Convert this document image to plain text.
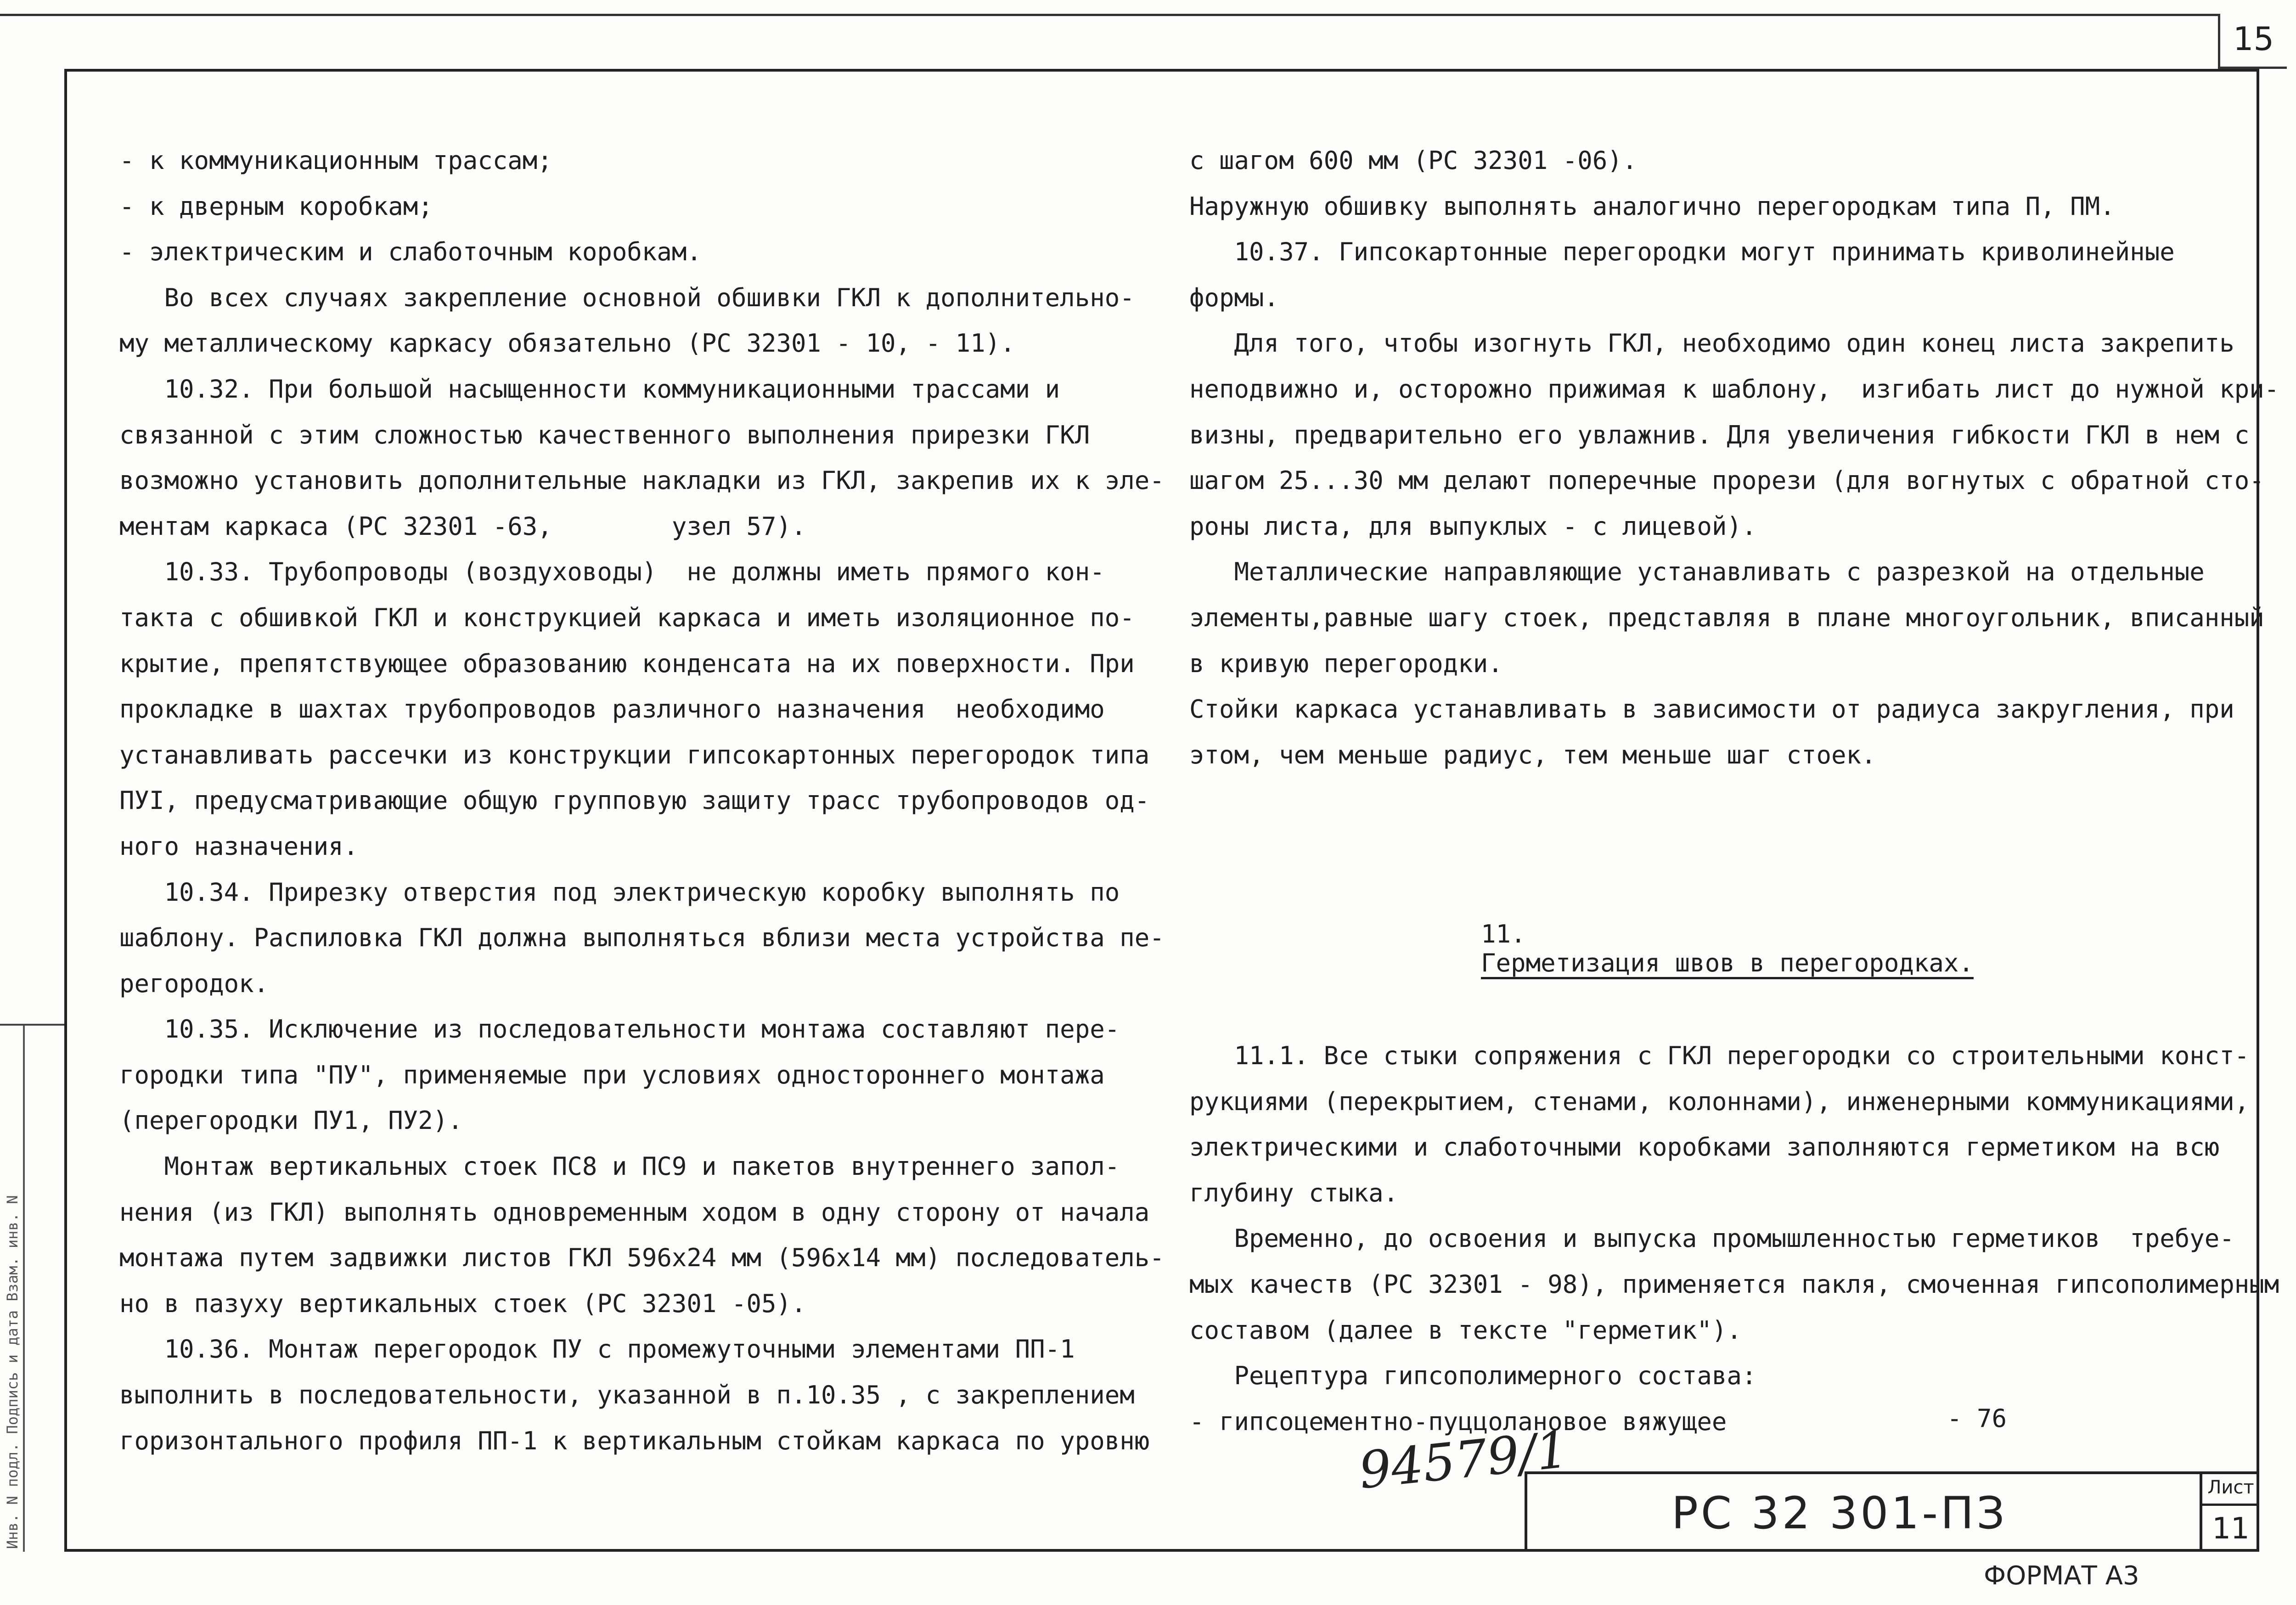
15
Инв. N подл. Подпись и дата Взам. инв. N
- к коммуникационным трассам;
- к дверным коробкам;
- электрическим и слаботочным коробкам.
Во всех случаях закрепление основной обшивки ГКЛ к дополнительно-
му металлическому каркасу обязательно (РС 32301 - 10, - 11).
10.32. При большой насыщенности коммуникационными трассами и
связанной с этим сложностью качественного выполнения прирезки ГКЛ
возможно установить дополнительные накладки из ГКЛ, закрепив их к эле-
ментам каркаса (РС 32301 -63,        узел 57).
10.33. Трубопроводы (воздуховоды)  не должны иметь прямого кон-
такта с обшивкой ГКЛ и конструкцией каркаса и иметь изоляционное по-
крытие, препятствующее образованию конденсата на их поверхности. При
прокладке в шахтах трубопроводов различного назначения  необходимо
устанавливать рассечки из конструкции гипсокартонных перегородок типа
ПУI, предусматривающие общую групповую защиту трасс трубопроводов од-
ного назначения.
10.34. Прирезку отверстия под электрическую коробку выполнять по
шаблону. Распиловка ГКЛ должна выполняться вблизи места устройства пе-
регородок.
10.35. Исключение из последовательности монтажа составляют пере-
городки типа "ПУ", применяемые при условиях одностороннего монтажа
(перегородки ПУ1, ПУ2).
Монтаж вертикальных стоек ПС8 и ПС9 и пакетов внутреннего запол-
нения (из ГКЛ) выполнять одновременным ходом в одну сторону от начала
монтажа путем задвижки листов ГКЛ 596х24 мм (596х14 мм) последователь-
но в пазуху вертикальных стоек (РС 32301 -05).
10.36. Монтаж перегородок ПУ с промежуточными элементами ПП-1
выполнить в последовательности, указанной в п.10.35 , с закреплением
горизонтального профиля ПП-1 к вертикальным стойкам каркаса по уровню
с шагом 600 мм (РС 32301 -06).
Наружную обшивку выполнять аналогично перегородкам типа П, ПМ.
10.37. Гипсокартонные перегородки могут принимать криволинейные
формы.
Для того, чтобы изогнуть ГКЛ, необходимо один конец листа закрепить
неподвижно и, осторожно прижимая к шаблону,  изгибать лист до нужной кри-
визны, предварительно его увлажнив. Для увеличения гибкости ГКЛ в нем с
шагом 25...30 мм делают поперечные прорези (для вогнутых с обратной сто-
роны листа, для выпуклых - с лицевой).
Металлические направляющие устанавливать с разрезкой на отдельные
элементы,равные шагу стоек, представляя в плане многоугольник, вписанный
в кривую перегородки.
Стойки каркаса устанавливать в зависимости от радиуса закругления, при
этом, чем меньше радиус, тем меньше шаг стоек.

11.
Герметизация швов в перегородках.

11.1. Все стыки сопряжения с ГКЛ перегородки со строительными конст-
рукциями (перекрытием, стенами, колоннами), инженерными коммуникациями,
электрическими и слаботочными коробками заполняются герметиком на всю
глубину стыка.
Временно, до освоения и выпуска промышленностью герметиков  требуе-
мых качеств (РС 32301 - 98), применяется пакля, смоченная гипсополимерным
составом (далее в тексте "герметик").
Рецептура гипсополимерного состава:
- гипсоцементно-пуццолановое вяжущее	- 76
94579/1
РС 32 301-ПЗ	Лист
11
ФОРМАТ А3
